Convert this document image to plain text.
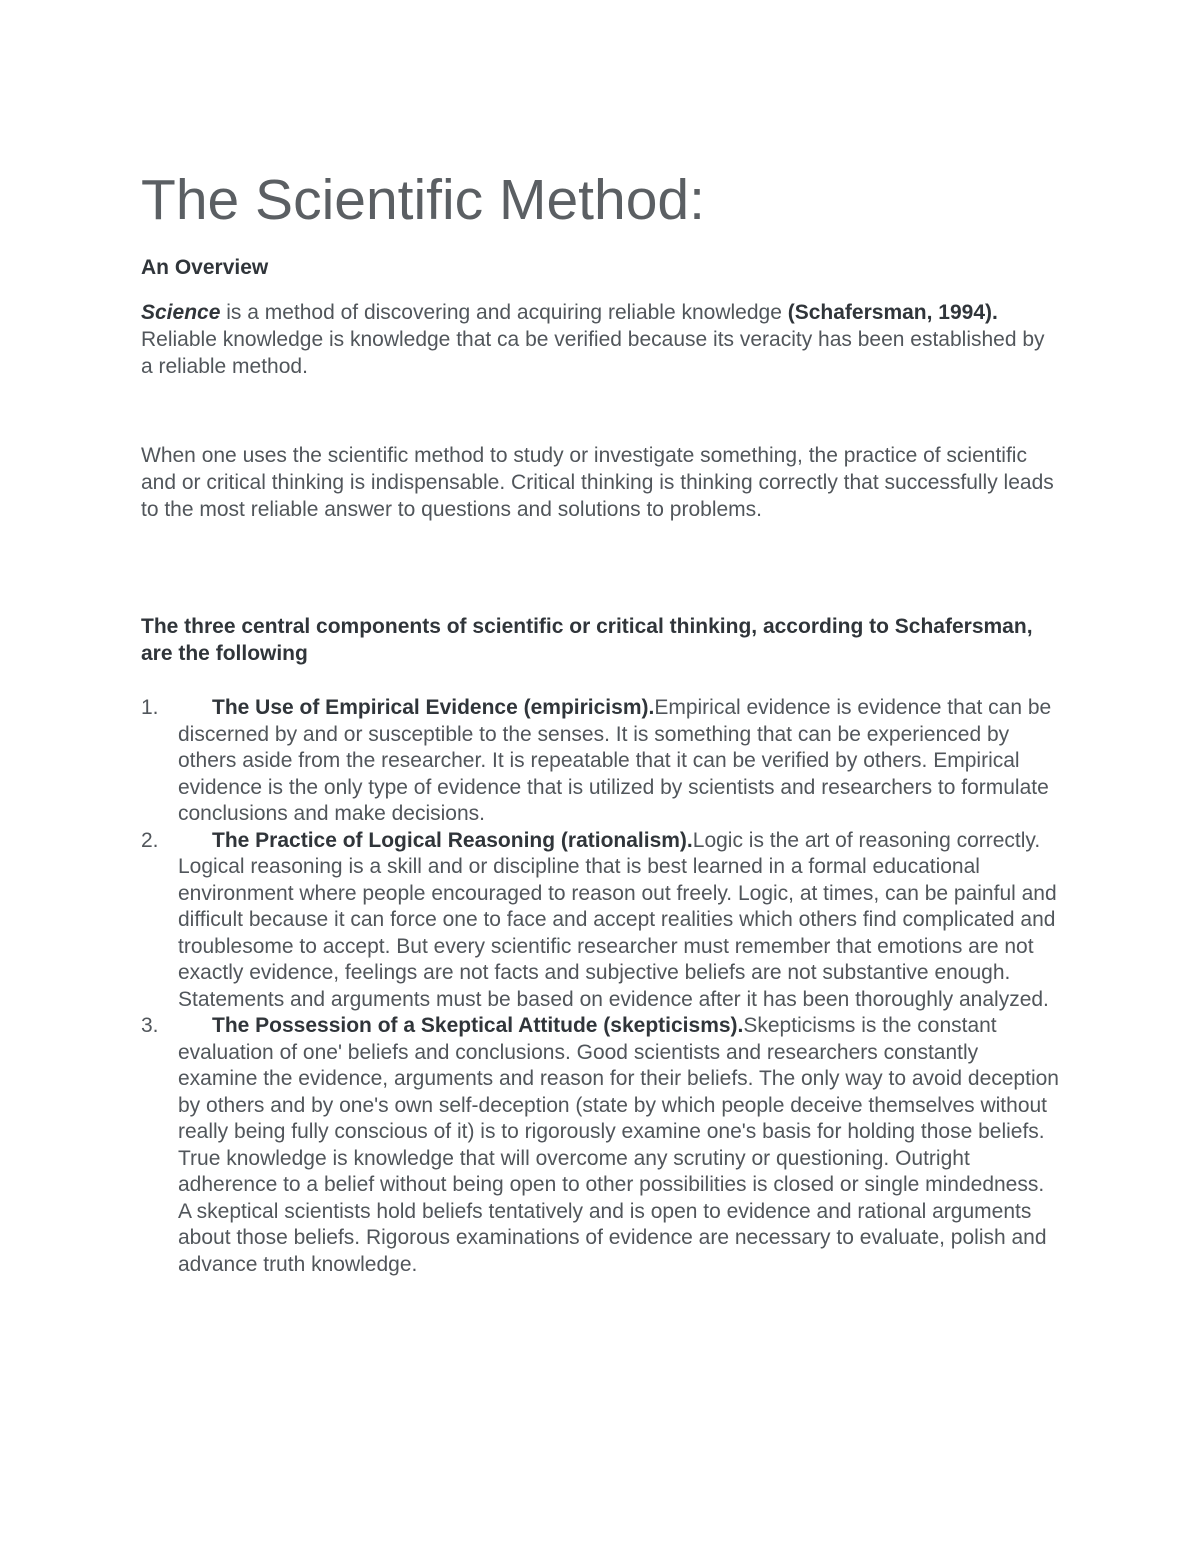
The Scientific Method:
An Overview

Science is a method of discovering and acquiring reliable knowledge (Schafersman, 1994). Reliable knowledge is knowledge that ca be verified because its veracity has been established by a reliable method.

When one uses the scientific method to study or investigate something, the practice of scientific and or critical thinking is indispensable. Critical thinking is thinking correctly that successfully leads to the most reliable answer to questions and solutions to problems.

The three central components of scientific or critical thinking, according to Schafersman, are the following

1.	The Use of Empirical Evidence (empiricism).Empirical evidence is evidence that can be discerned by and or susceptible to the senses. It is something that can be experienced by others aside from the researcher. It is repeatable that it can be verified by others. Empirical evidence is the only type of evidence that is utilized by scientists and researchers to formulate conclusions and make decisions.
2.	The Practice of Logical Reasoning (rationalism).Logic is the art of reasoning correctly. Logical reasoning is a skill and or discipline that is best learned in a formal educational environment where people encouraged to reason out freely. Logic, at times, can be painful and difficult because it can force one to face and accept realities which others find complicated and troublesome to accept. But every scientific researcher must remember that emotions are not exactly evidence, feelings are not facts and subjective beliefs are not substantive enough. Statements and arguments must be based on evidence after it has been thoroughly analyzed.
3.	The Possession of a Skeptical Attitude (skepticisms).Skepticisms is the constant evaluation of one' beliefs and conclusions. Good scientists and researchers constantly examine the evidence, arguments and reason for their beliefs. The only way to avoid deception by others and by one's own self-deception (state by which people deceive themselves without really being fully conscious of it) is to rigorously examine one's basis for holding those beliefs. True knowledge is knowledge that will overcome any scrutiny or questioning. Outright adherence to a belief without being open to other possibilities is closed or single mindedness. A skeptical scientists hold beliefs tentatively and is open to evidence and rational arguments about those beliefs. Rigorous examinations of evidence are necessary to evaluate, polish and advance truth knowledge.
